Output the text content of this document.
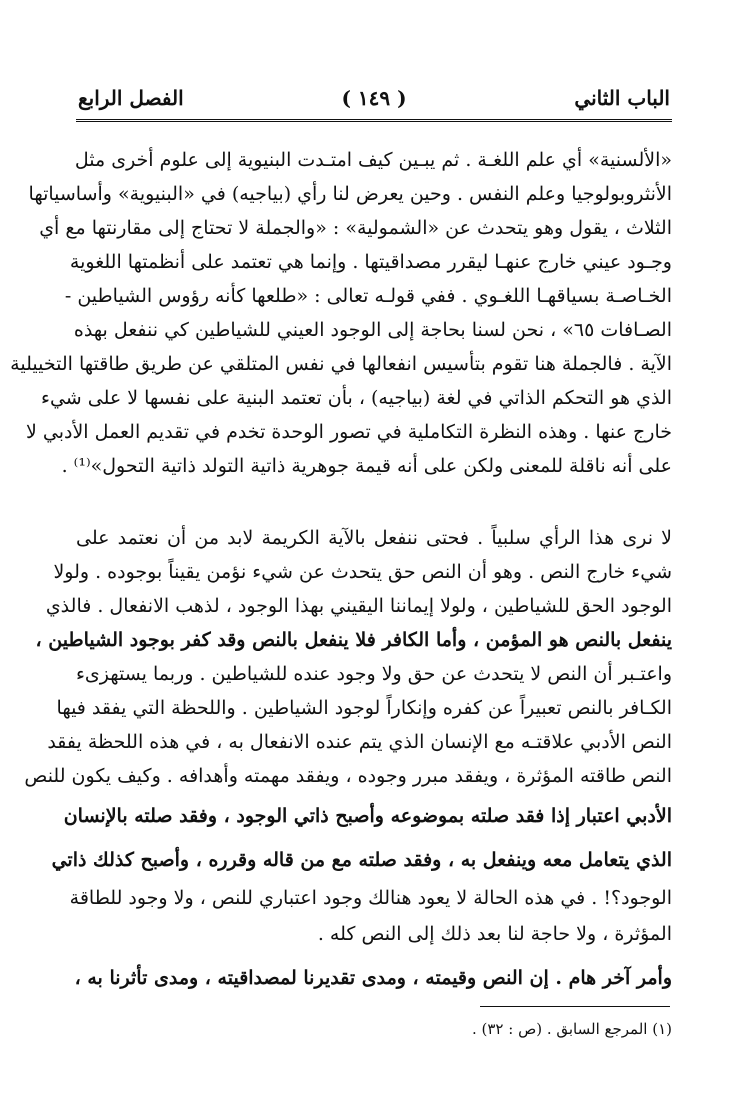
الباب الثاني
( ١٤٩ )
الفصل الرابع
«الألسنية» أي علم اللغـة . ثم يبـين كيف امتـدت البنيوية إلى علوم أخرى مثل
الأنثروبولوجيا وعلم النفس . وحين يعرض لنا رأي (بياجيه) في «البنيوية» وأساسياتها
الثلاث ، يقول وهو يتحدث عن «الشمولية» : «والجملة لا تحتاج إلى مقارنتها مع أي
وجـود عيني خارج عنهـا ليقرر مصداقيتها . وإنما هي تعتمد على أنظمتها اللغوية
الخـاصـة بسياقهـا اللغـوي . ففي قولـه تعالى : «طلعها كأنه رؤوس الشياطين -
الصـافات ٦٥» ، نحن لسنا بحاجة إلى الوجود العيني للشياطين كي ننفعل بهذه
الآية . فالجملة هنا تقوم بتأسيس انفعالها في نفس المتلقي عن طريق طاقتها التخييلية
الذي هو التحكم الذاتي في لغة (بياجيه) ، بأن تعتمد البنية على نفسها لا على شيء
خارج عنها . وهذه النظرة التكاملية في تصور الوحدة تخدم في تقديم العمل الأدبي لا
على أنه ناقلة للمعنى ولكن على أنه قيمة جوهرية ذاتية التولد ذاتية التحول»⁽¹⁾ .
لا نرى هذا الرأي سلبياً . فحتى ننفعل بالآية الكريمة لابد من أن نعتمد على
شيء خارج النص . وهو أن النص حق يتحدث عن شيء نؤمن يقيناً بوجوده . ولولا
الوجود الحق للشياطين ، ولولا إيماننا اليقيني بهذا الوجود ، لذهب الانفعال . فالذي
ينفعل بالنص هو المؤمن ، وأما الكافر فلا ينفعل بالنص وقد كفر بوجود الشياطين ،
واعتـبر أن النص لا يتحدث عن حق ولا وجود عنده للشياطين . وربما يستهزىء
الكـافر بالنص تعبيراً عن كفره وإنكاراً لوجود الشياطين . واللحظة التي يفقد فيها
النص الأدبي علاقتـه مع الإنسان الذي يتم عنده الانفعال به ، في هذه اللحظة يفقد
النص طاقته المؤثرة ، ويفقد مبرر وجوده ، ويفقد مهمته وأهدافه . وكيف يكون للنص
الأدبي اعتبار إذا فقد صلته بموضوعه وأصبح ذاتي الوجود ، وفقد صلته بالإنسان
الذي يتعامل معه وينفعل به ، وفقد صلته مع من قاله وقرره ، وأصبح كذلك ذاتي
الوجود؟! . في هذه الحالة لا يعود هنالك وجود اعتباري للنص ، ولا وجود للطاقة
المؤثرة ، ولا حاجة لنا بعد ذلك إلى النص كله .
وأمر آخر هام . إن النص وقيمته ، ومدى تقديرنا لمصداقيته ، ومدى تأثرنا به ،
(١) المرجع السابق . (ص : ٣٢) .
